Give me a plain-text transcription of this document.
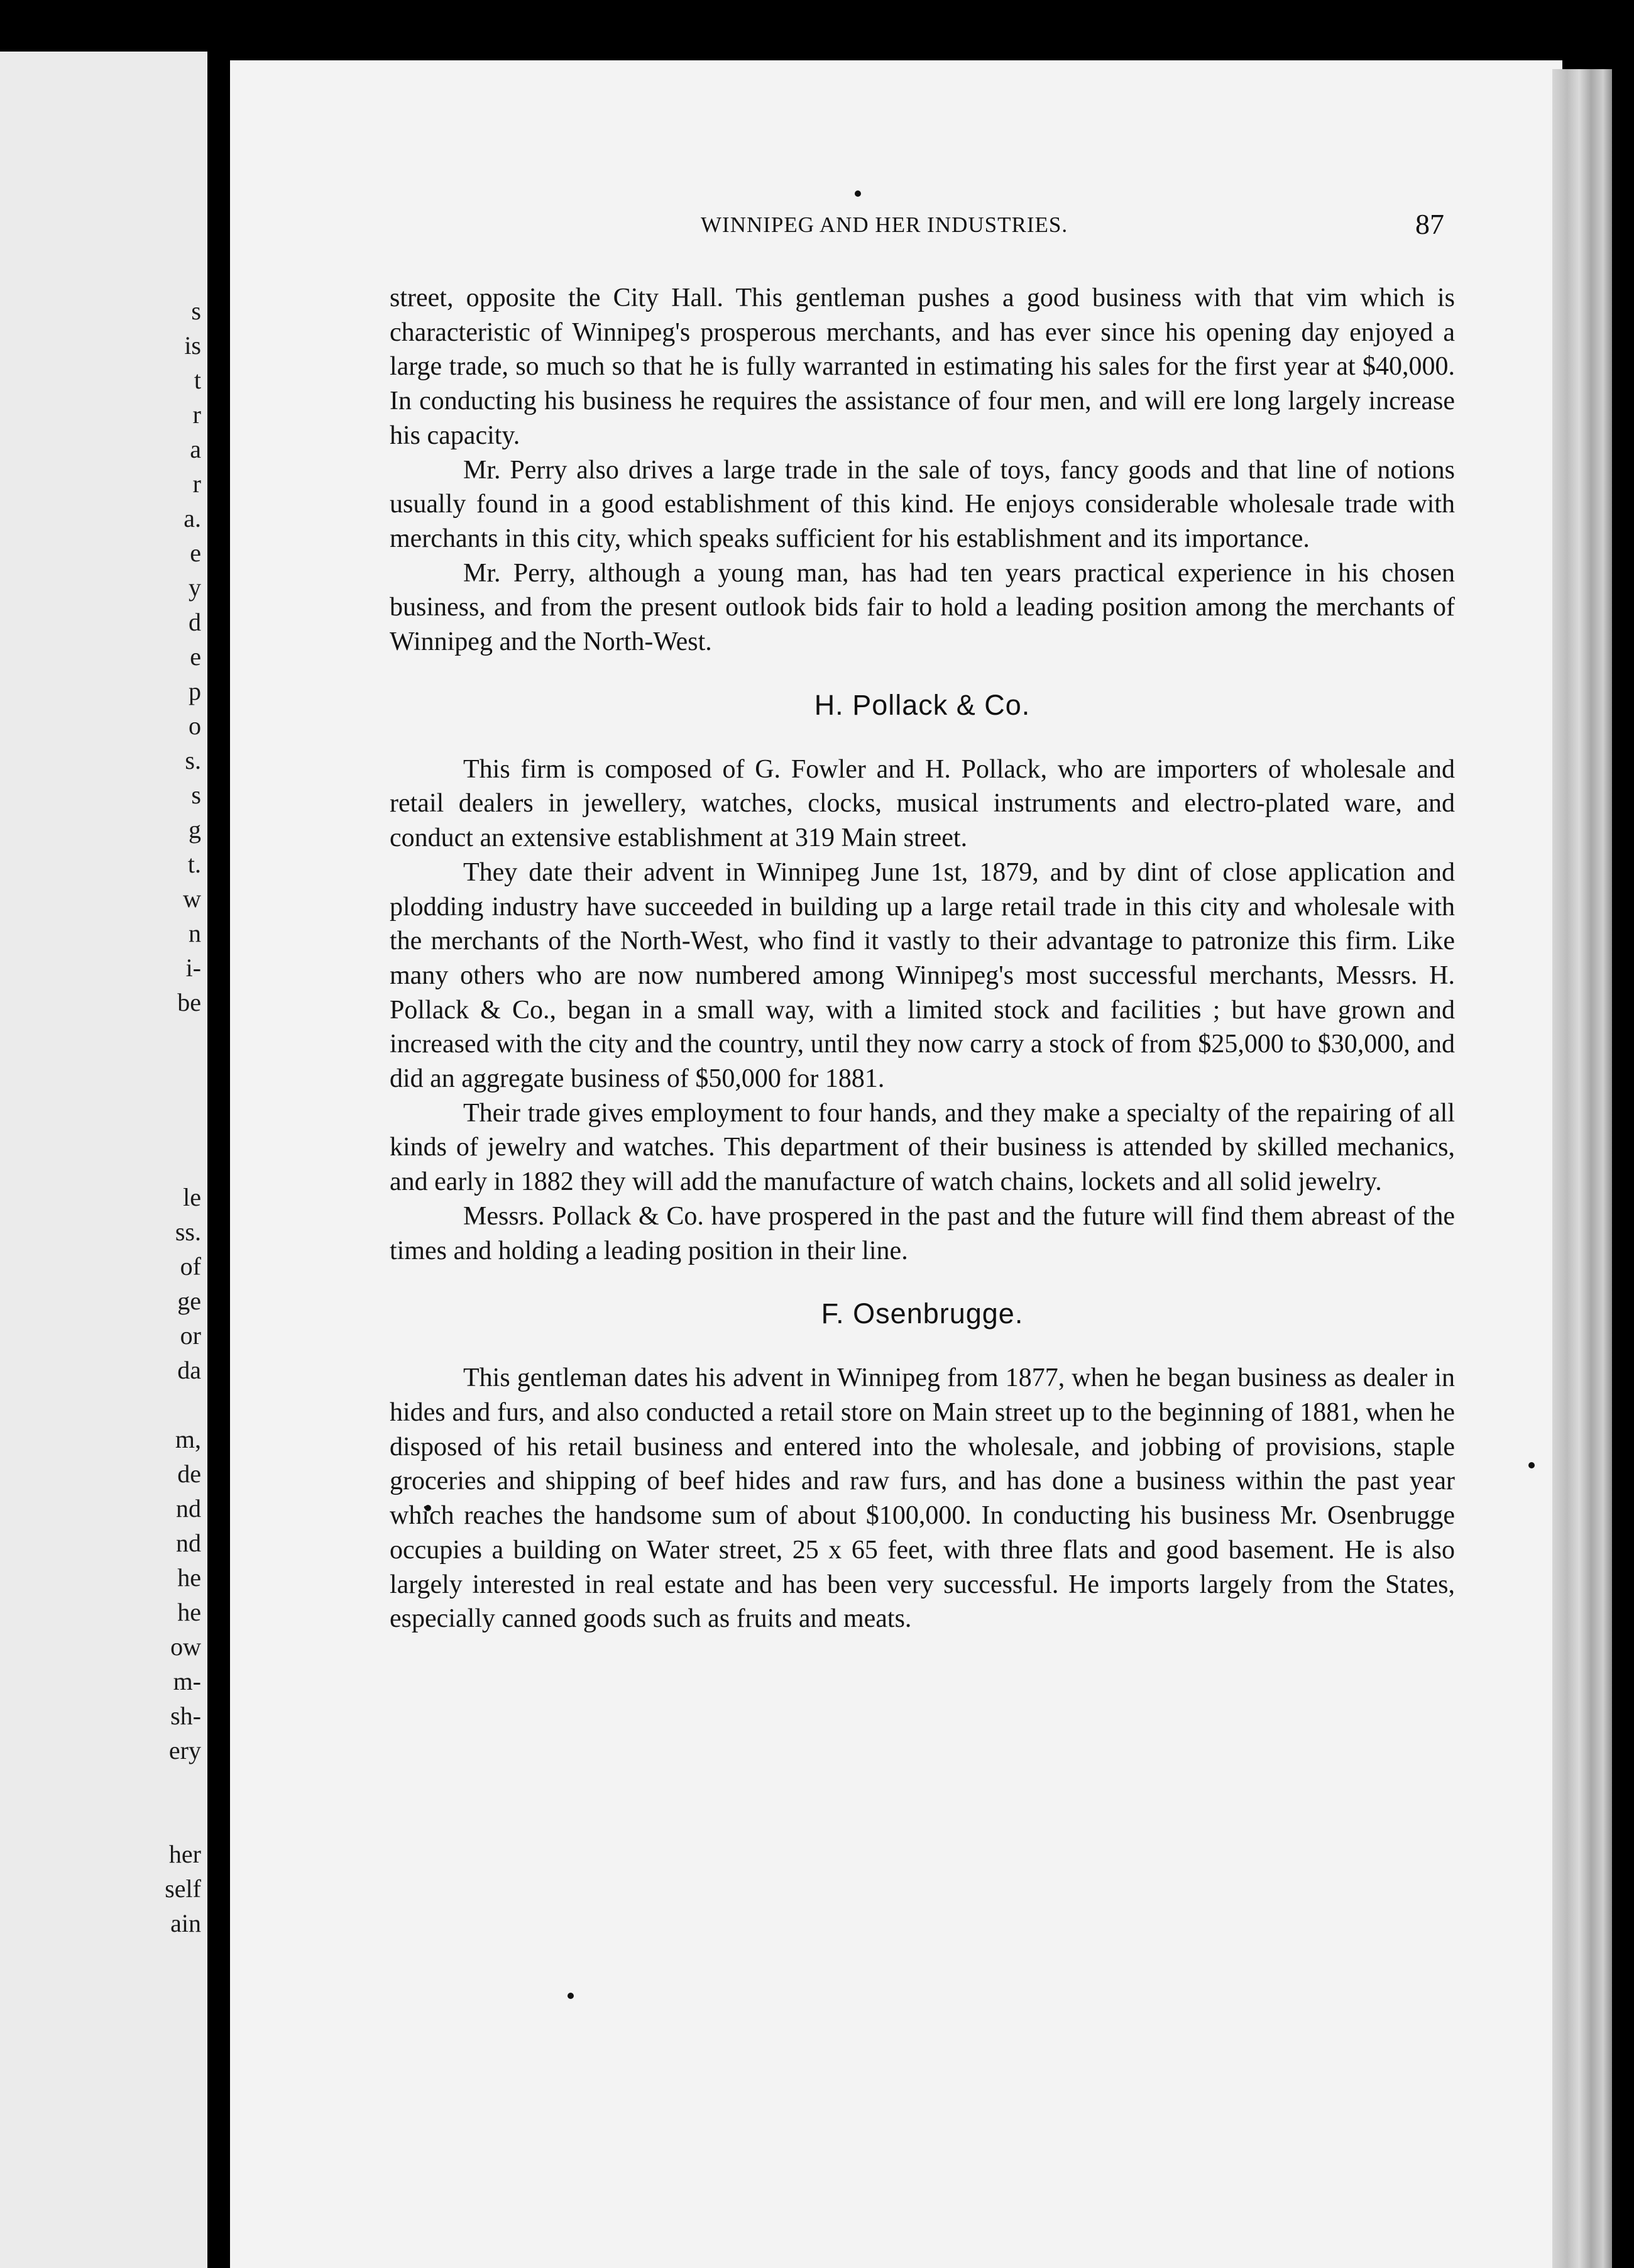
s
is
t
r
a
r
a.
e
y
d
e
p
o
s.
s
g
t.
w
n
i-
be
le
ss.
of
ge
or
da

m,
de
nd
nd
he
he
ow
m-
sh-
ery

her
self
ain
WINNIPEG AND HER INDUSTRIES.	87

street, opposite the City Hall. This gentleman pushes a good business with that vim which is characteristic of Winnipeg's prosperous merchants, and has ever since his opening day enjoyed a large trade, so much so that he is fully warranted in estimating his sales for the first year at $40,000. In conducting his business he requires the assistance of four men, and will ere long largely increase his capacity.

Mr. Perry also drives a large trade in the sale of toys, fancy goods and that line of notions usually found in a good establishment of this kind. He enjoys considerable wholesale trade with merchants in this city, which speaks sufficient for his establishment and its importance.

Mr. Perry, although a young man, has had ten years practical experience in his chosen business, and from the present outlook bids fair to hold a leading position among the merchants of Winnipeg and the North-West.

H. Pollack & Co.

This firm is composed of G. Fowler and H. Pollack, who are importers of wholesale and retail dealers in jewellery, watches, clocks, musical instruments and electro-plated ware, and conduct an extensive establishment at 319 Main street.

They date their advent in Winnipeg June 1st, 1879, and by dint of close application and plodding industry have succeeded in building up a large retail trade in this city and wholesale with the merchants of the North-West, who find it vastly to their advantage to patronize this firm. Like many others who are now numbered among Winnipeg's most successful merchants, Messrs. H. Pollack & Co., began in a small way, with a limited stock and facilities ; but have grown and increased with the city and the country, until they now carry a stock of from $25,000 to $30,000, and did an aggregate business of $50,000 for 1881.

Their trade gives employment to four hands, and they make a specialty of the repairing of all kinds of jewelry and watches. This department of their business is attended by skilled mechanics, and early in 1882 they will add the manufacture of watch chains, lockets and all solid jewelry.

Messrs. Pollack & Co. have prospered in the past and the future will find them abreast of the times and holding a leading position in their line.

F. Osenbrugge.

This gentleman dates his advent in Winnipeg from 1877, when he began business as dealer in hides and furs, and also conducted a retail store on Main street up to the beginning of 1881, when he disposed of his retail business and entered into the wholesale, and jobbing of provisions, staple groceries and shipping of beef hides and raw furs, and has done a business within the past year which reaches the handsome sum of about $100,000. In conducting his business Mr. Osenbrugge occupies a building on Water street, 25 x 65 feet, with three flats and good basement. He is also largely interested in real estate and has been very successful. He imports largely from the States, especially canned goods such as fruits and meats.
